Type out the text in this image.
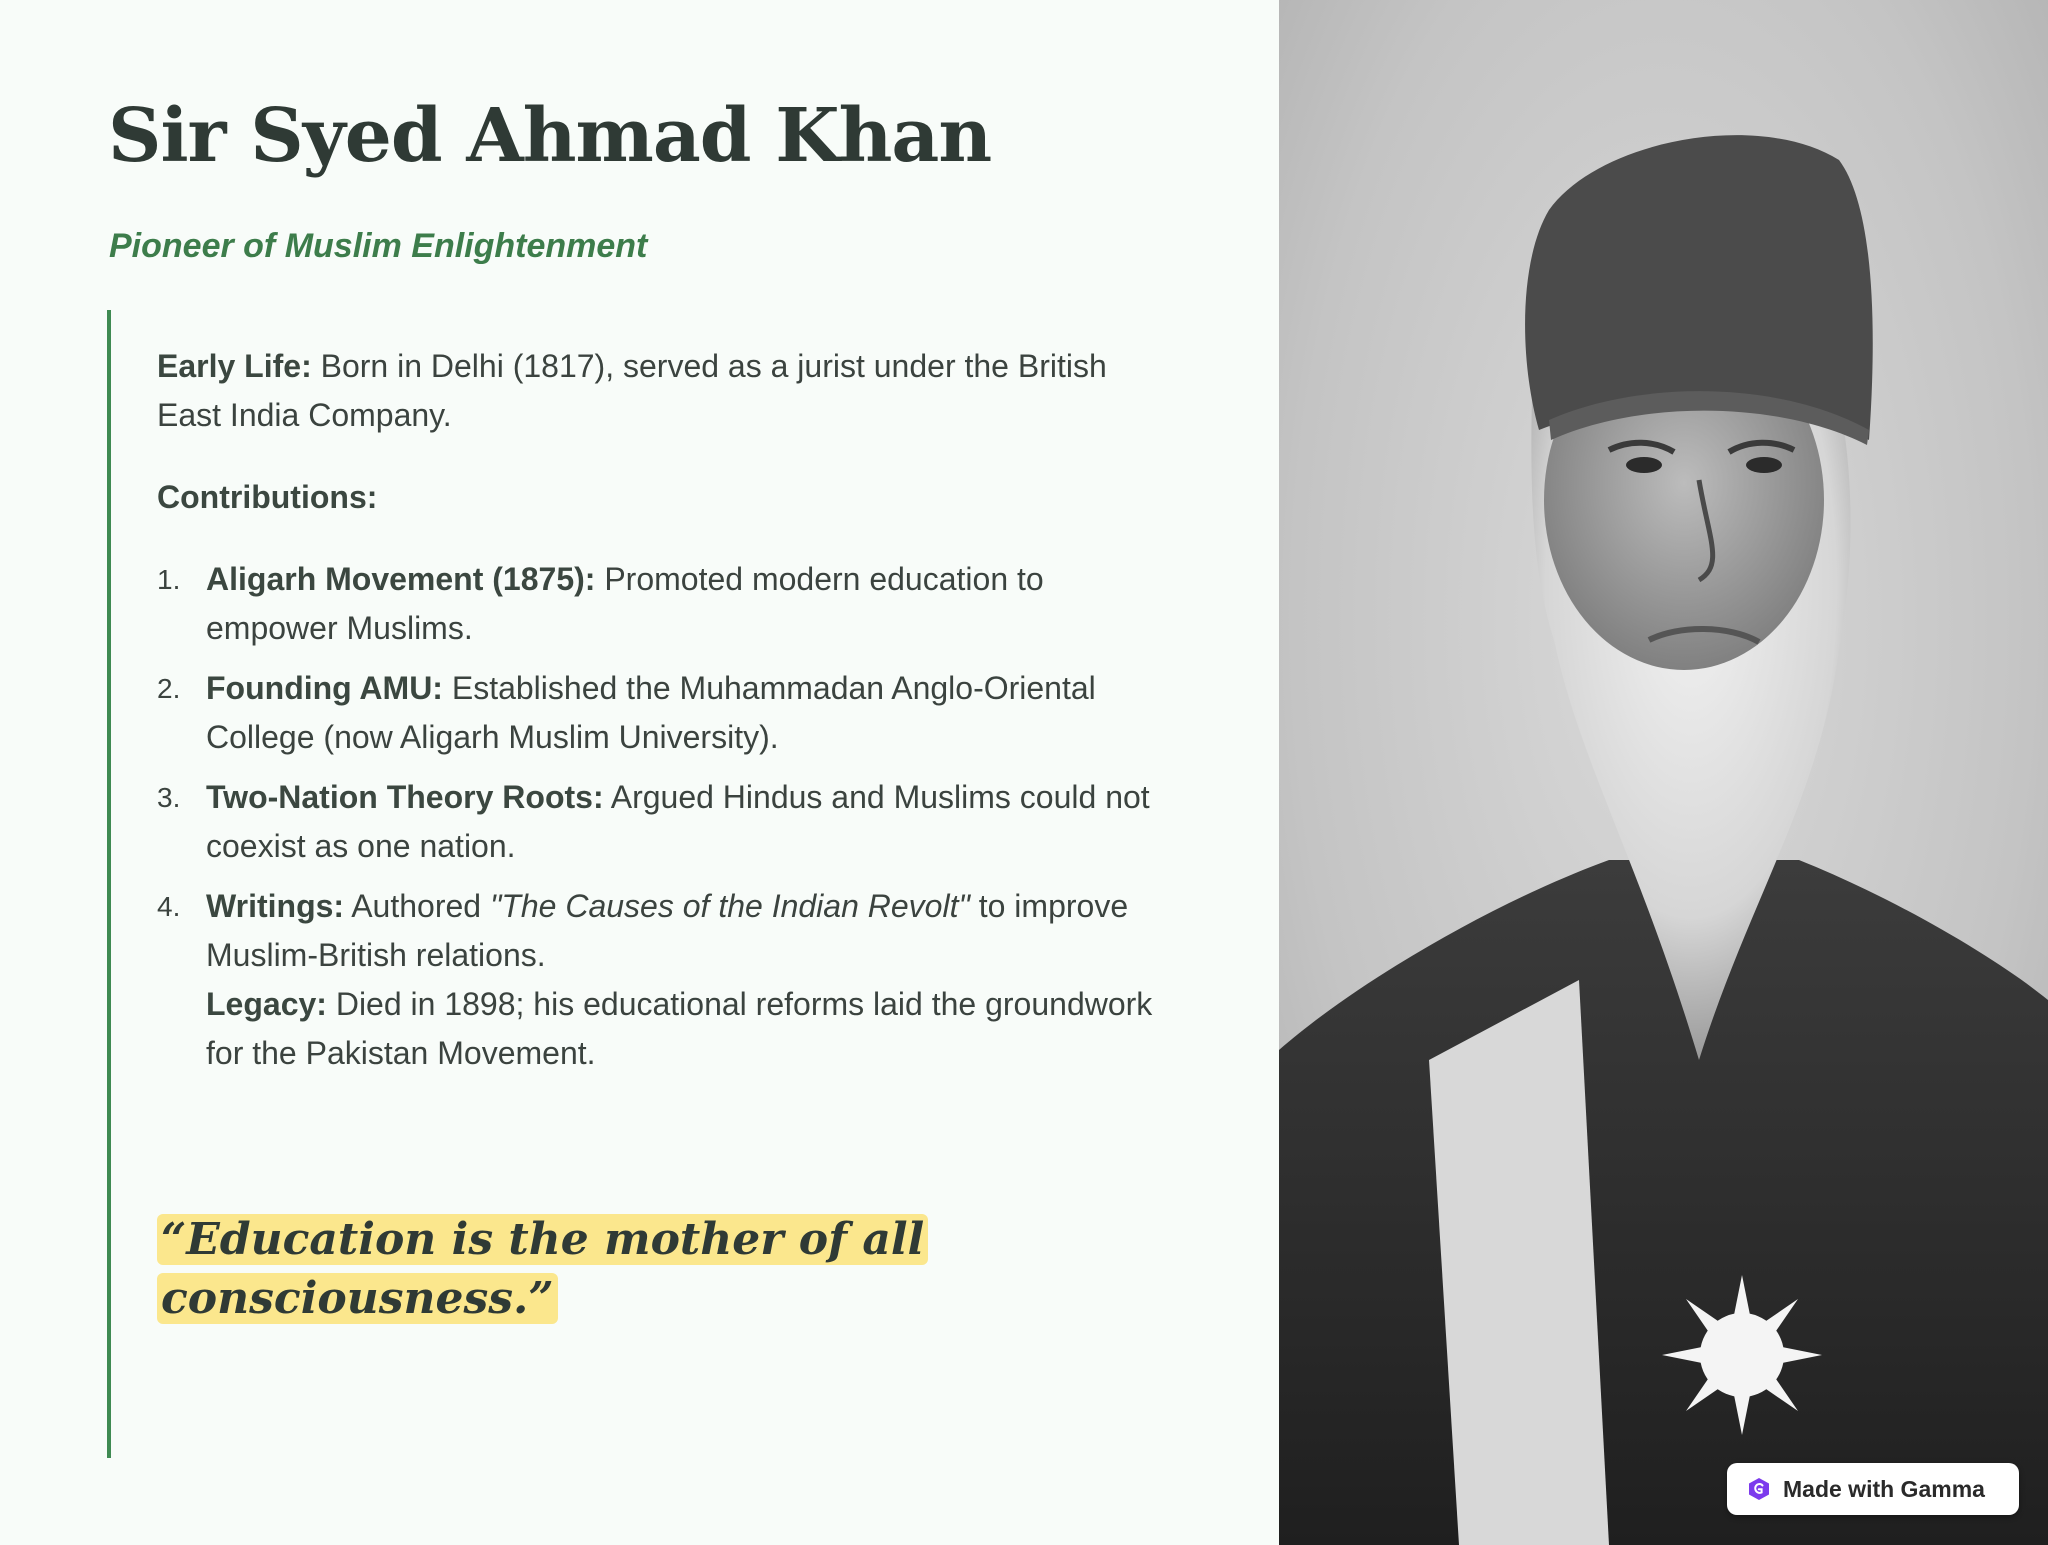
Sir Syed Ahmad Khan
Pioneer of Muslim Enlightenment

Early Life: Born in Delhi (1817), served as a jurist under the British East India Company.

Contributions:

1. Aligarh Movement (1875): Promoted modern education to empower Muslims.
2. Founding AMU: Established the Muhammadan Anglo-Oriental College (now Aligarh Muslim University).
3. Two-Nation Theory Roots: Argued Hindus and Muslims could not coexist as one nation.
4. Writings: Authored "The Causes of the Indian Revolt" to improve Muslim-British relations.
Legacy: Died in 1898; his educational reforms laid the groundwork for the Pakistan Movement.
“Education is the mother of all consciousness.”
Made with Gamma
